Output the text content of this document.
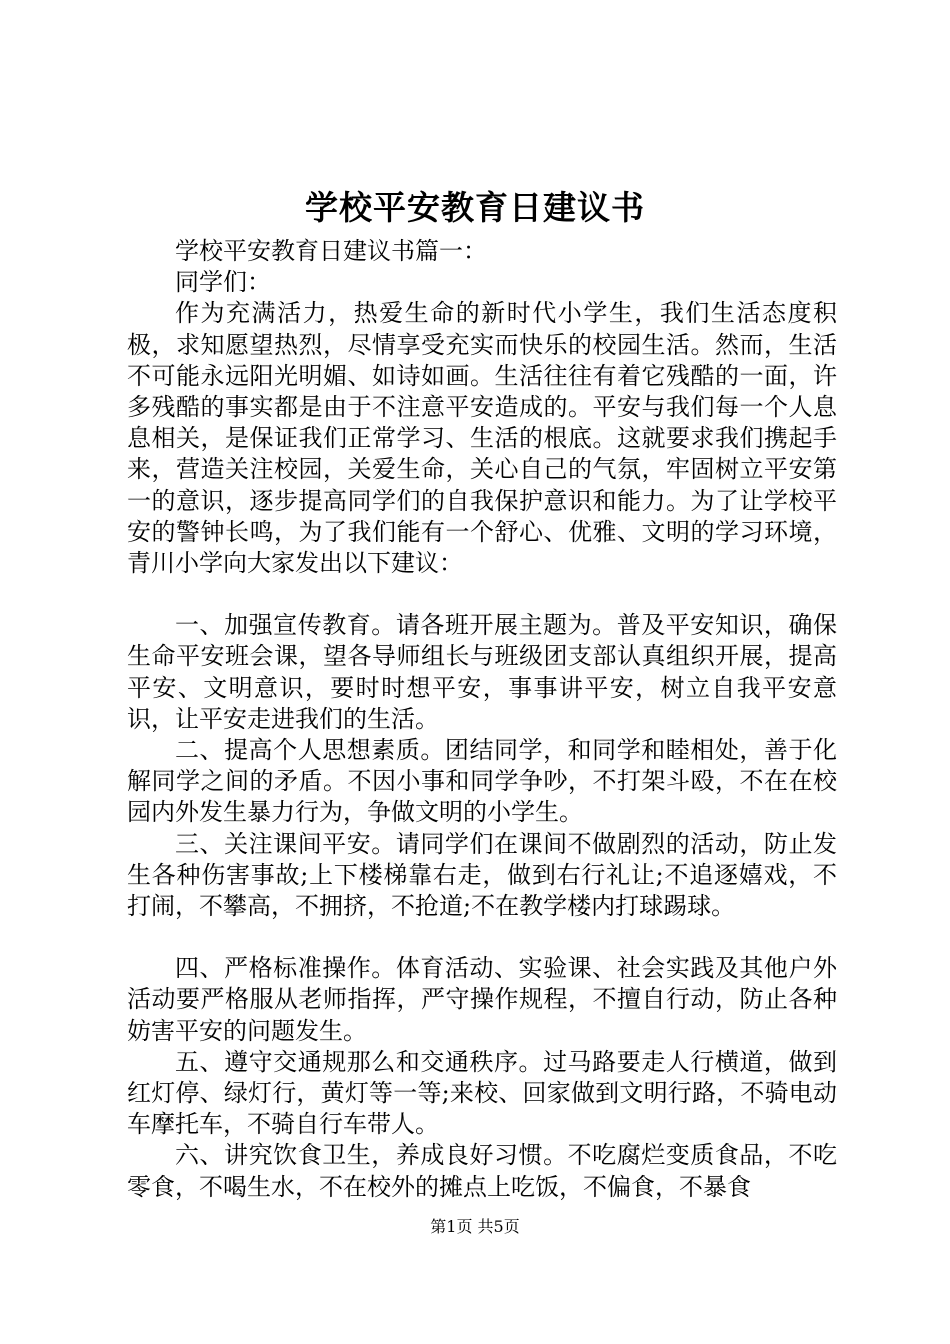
学校平安教育日建议书

学校平安教育日建议书篇一：

同学们：

作为充满活力，热爱生命的新时代小学生，我们生活态度积极，求知愿望热烈，尽情享受充实而快乐的校园生活。然而，生活不可能永远阳光明媚、如诗如画。生活往往有着它残酷的一面，许多残酷的事实都是由于不注意平安造成的。平安与我们每一个人息息相关，是保证我们正常学习、生活的根底。这就要求我们携起手来，营造关注校园，关爱生命，关心自己的气氛，牢固树立平安第一的意识，逐步提高同学们的自我保护意识和能力。为了让学校平安的警钟长鸣，为了我们能有一个舒心、优雅、文明的学习环境，青川小学向大家发出以下建议：

一、加强宣传教育。请各班开展主题为。普及平安知识，确保生命平安班会课，望各导师组长与班级团支部认真组织开展，提高平安、文明意识，要时时想平安，事事讲平安，树立自我平安意识，让平安走进我们的生活。

二、提高个人思想素质。团结同学，和同学和睦相处，善于化解同学之间的矛盾。不因小事和同学争吵，不打架斗殴，不在在校园内外发生暴力行为，争做文明的小学生。

三、关注课间平安。请同学们在课间不做剧烈的活动，防止发生各种伤害事故;上下楼梯靠右走，做到右行礼让;不追逐嬉戏，不打闹，不攀高，不拥挤，不抢道;不在教学楼内打球踢球。

四、严格标准操作。体育活动、实验课、社会实践及其他户外活动要严格服从老师指挥，严守操作规程，不擅自行动，防止各种妨害平安的问题发生。

五、遵守交通规那么和交通秩序。过马路要走人行横道，做到红灯停、绿灯行，黄灯等一等;来校、回家做到文明行路，不骑电动车摩托车，不骑自行车带人。

六、讲究饮食卫生，养成良好习惯。不吃腐烂变质食品，不吃零食，不喝生水，不在校外的摊点上吃饭，不偏食，不暴食

第1页 共5页
